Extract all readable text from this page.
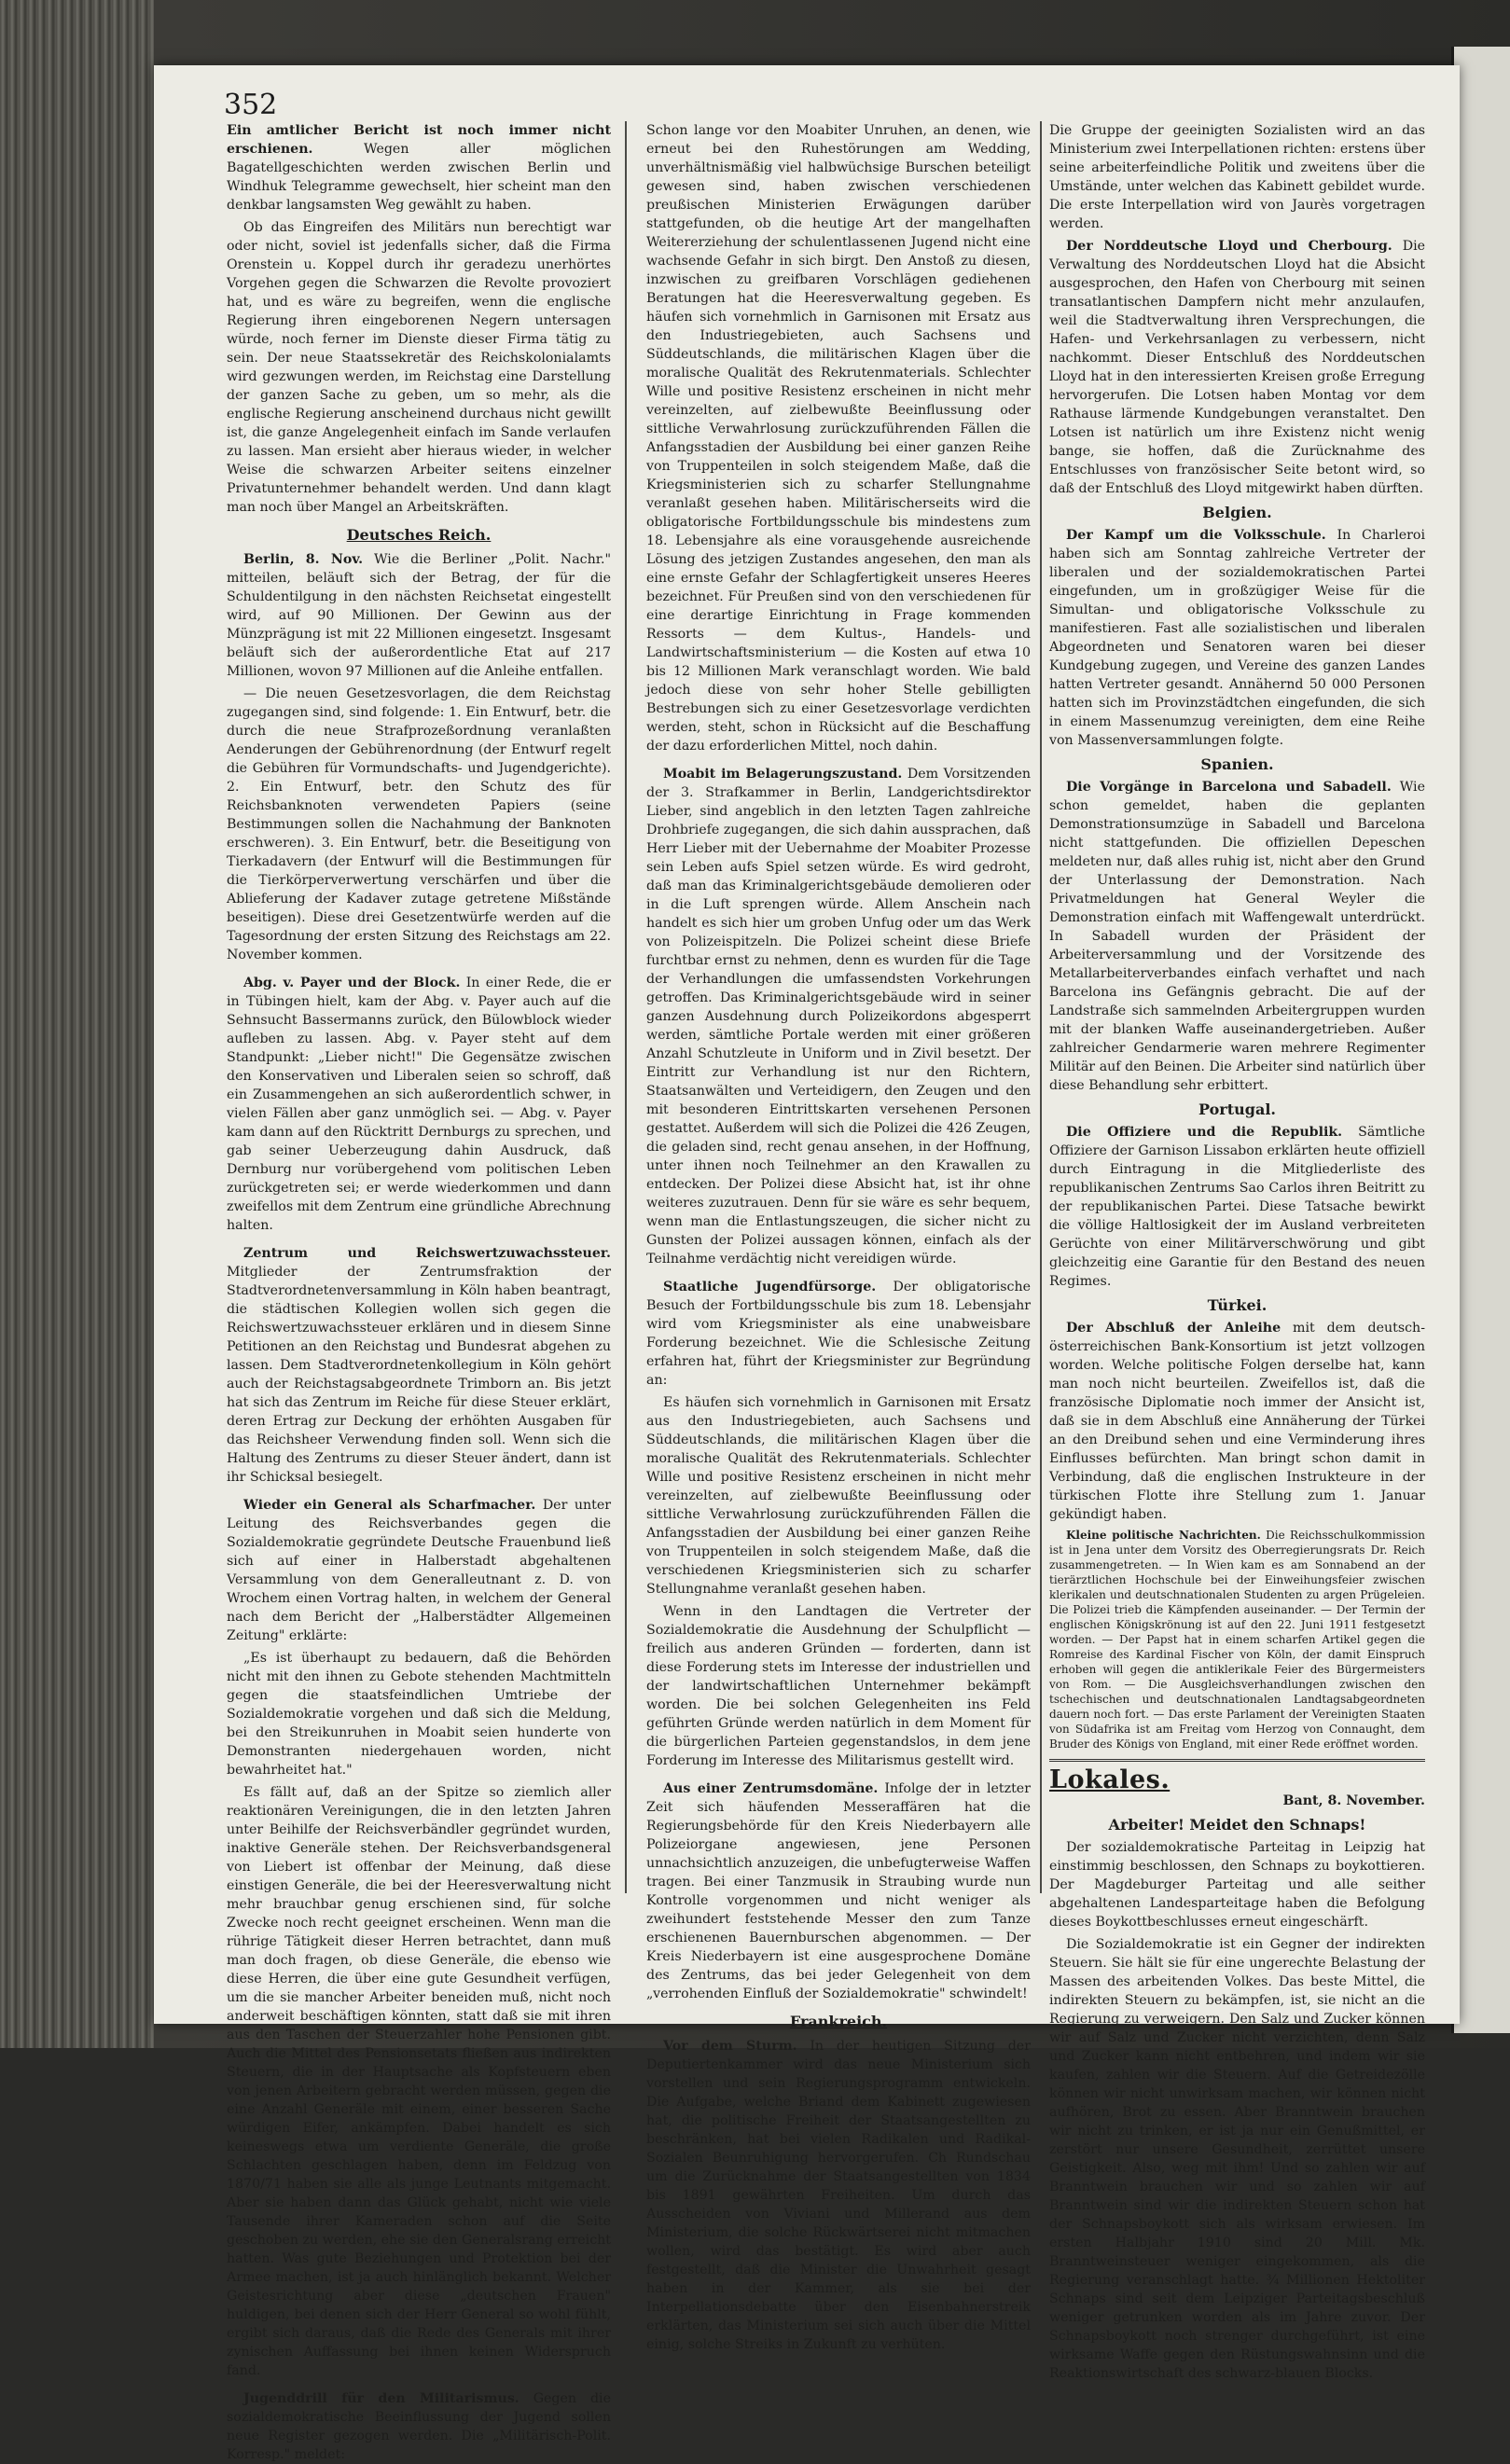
352

Ein amtlicher Bericht ist noch immer nicht erschienen.	Wegen aller möglichen Bagatellgeschichten werden zwischen Berlin und Windhuk Telegramme gewechselt, hier scheint man den denkbar langsamsten Weg gewählt zu haben.

Ob das Eingreifen des Militärs nun berechtigt war oder nicht, soviel ist jedenfalls sicher, daß die Firma Orenstein u. Koppel durch ihr geradezu unerhörtes Vorgehen gegen die Schwarzen die Revolte provoziert hat, und es wäre zu begreifen, wenn die englische Regierung ihren eingeborenen Negern untersagen würde, noch ferner im Dienste dieser Firma tätig zu sein. Der neue Staatssekretär des Reichskolonialamts wird gezwungen werden, im Reichstag eine Darstellung der ganzen Sache zu geben, um so mehr, als die englische Regierung anscheinend durchaus nicht gewillt ist, die ganze Angelegenheit einfach im Sande verlaufen zu lassen. Man ersieht aber hieraus wieder, in welcher Weise die schwarzen Arbeiter seitens einzelner Privatunternehmer behandelt werden. Und dann klagt man noch über Mangel an Arbeitskräften.

Deutsches Reich.

Berlin, 8. Nov. Wie die Berliner „Polit. Nachr." mitteilen, beläuft sich der Betrag, der für die Schuldentilgung in den nächsten Reichsetat eingestellt wird, auf 90 Millionen. Der Gewinn aus der Münzprägung ist mit 22 Millionen eingesetzt. Insgesamt beläuft sich der außerordentliche Etat auf 217 Millionen, wovon 97 Millionen auf die Anleihe entfallen.

— Die neuen Gesetzesvorlagen, die dem Reichstag zugegangen sind, sind folgende: 1. Ein Entwurf, betr. die durch die neue Strafprozeßordnung veranlaßten Aenderungen der Gebührenordnung (der Entwurf regelt die Gebühren für Vormundschafts- und Jugendgerichte). 2. Ein Entwurf, betr. den Schutz des für Reichsbanknoten verwendeten Papiers (seine Bestimmungen sollen die Nachahmung der Banknoten erschweren). 3. Ein Entwurf, betr. die Beseitigung von Tierkadavern (der Entwurf will die Bestimmungen für die Tierkörperverwertung verschärfen und über die Ablieferung der Kadaver zutage getretene Mißstände beseitigen). Diese drei Gesetzentwürfe werden auf die Tagesordnung der ersten Sitzung des Reichstags am 22. November kommen.

Abg. v. Payer und der Block. In einer Rede, die er in Tübingen hielt, kam der Abg. v. Payer auch auf die Sehnsucht Bassermanns zurück, den Bülowblock wieder aufleben zu lassen. Abg. v. Payer steht auf dem Standpunkt: „Lieber nicht!" Die Gegensätze zwischen den Konservativen und Liberalen seien so schroff, daß ein Zusammengehen an sich außerordentlich schwer, in vielen Fällen aber ganz unmöglich sei. — Abg. v. Payer kam dann auf den Rücktritt Dernburgs zu sprechen, und gab seiner Ueberzeugung dahin Ausdruck, daß Dernburg nur vorübergehend vom politischen Leben zurückgetreten sei; er werde wiederkommen und dann zweifellos mit dem Zentrum eine gründliche Abrechnung halten.

Zentrum und Reichswertzuwachssteuer. Mitglieder der Zentrumsfraktion der Stadtverordnetenversammlung in Köln haben beantragt, die städtischen Kollegien wollen sich gegen die Reichswertzuwachssteuer erklären und in diesem Sinne Petitionen an den Reichstag und Bundesrat abgehen zu lassen. Dem Stadtverordnetenkollegium in Köln gehört auch der Reichstagsabgeordnete Trimborn an. Bis jetzt hat sich das Zentrum im Reiche für diese Steuer erklärt, deren Ertrag zur Deckung der erhöhten Ausgaben für das Reichsheer Verwendung finden soll. Wenn sich die Haltung des Zentrums zu dieser Steuer ändert, dann ist ihr Schicksal besiegelt.

Wieder ein General als Scharfmacher. Der unter Leitung des Reichsverbandes gegen die Sozialdemokratie gegründete Deutsche Frauenbund ließ sich auf einer in Halberstadt abgehaltenen Versammlung von dem Generalleutnant z. D. von Wrochem einen Vortrag halten, in welchem der General nach dem Bericht der „Halberstädter Allgemeinen Zeitung" erklärte:

„Es ist überhaupt zu bedauern, daß die Behörden nicht mit den ihnen zu Gebote stehenden Machtmitteln gegen die staatsfeindlichen Umtriebe der Sozialdemokratie vorgehen und daß sich die Meldung, bei den Streikunruhen in Moabit seien hunderte von Demonstranten niedergehauen worden, nicht bewahrheitet hat."

Es fällt auf, daß an der Spitze so ziemlich aller reaktionären Vereinigungen, die in den letzten Jahren unter Beihilfe der Reichsverbändler gegründet wurden, inaktive Generäle stehen. Der Reichsverbandsgeneral von Liebert ist offenbar der Meinung, daß diese einstigen Generäle, die bei der Heeresverwaltung nicht mehr brauchbar genug erschienen sind, für solche Zwecke noch recht geeignet erscheinen. Wenn man die rührige Tätigkeit dieser Herren betrachtet, dann muß man doch fragen, ob diese Generäle, die ebenso wie diese Herren, die über eine gute Gesundheit verfügen, um die sie mancher Arbeiter beneiden muß, nicht noch anderweit beschäftigen könnten, statt daß sie mit ihren aus den Taschen der Steuerzahler hohe Pensionen gibt. Auch die Mittel des Pensionsetats fließen aus indirekten Steuern, die in der Hauptsache als Kopfsteuern eben von jenen Arbeitern gebracht werden müssen, gegen die eine Anzahl Generäle mit einem, einer besseren Sache würdigen Eifer, ankämpfen. Dabei handelt es sich keineswegs etwa um verdiente Generäle, die große Schlachten geschlagen haben, denn im Feldzug von 1870/71 haben sie alle als junge Leutnants mitgemacht. Aber sie haben dann das Glück gehabt, nicht wie viele Tausende ihrer Kameraden schon auf die Seite geschoben zu werden, ehe sie den Generalsrang erreicht hatten. Was gute Beziehungen und Protektion bei der Armee machen, ist ja auch hinlänglich bekannt. Welcher Geistesrichtung aber diese „deutschen Frauen" huldigen, bei denen sich der Herr General so wohl fühlt, ergibt sich daraus, daß die Rede des Generals mit ihrer zynischen Auffassung bei ihnen keinen Widerspruch fand.

Jugenddrill für den Militarismus. Gegen die sozialdemokratische Beeinflussung der Jugend sollen neue Register gezogen werden. Die „Militärisch-Polit. Korresp." meldet:

Schon lange vor den Moabiter Unruhen, an denen, wie erneut bei den Ruhestörungen am Wedding, unverhältnismäßig viel halbwüchsige Burschen beteiligt gewesen sind, haben zwischen verschiedenen preußischen Ministerien Erwägungen darüber stattgefunden, ob die heutige Art der mangelhaften Weitererziehung der schulentlassenen Jugend nicht eine wachsende Gefahr in sich birgt. Den Anstoß zu diesen, inzwischen zu greifbaren Vorschlägen gediehenen Beratungen hat die Heeresverwaltung gegeben. Es häufen sich vornehmlich in Garnisonen mit Ersatz aus den Industriegebieten, auch Sachsens und Süddeutschlands, die militärischen Klagen über die moralische Qualität des Rekrutenmaterials. Schlechter Wille und positive Resistenz erscheinen in nicht mehr vereinzelten, auf zielbewußte Beeinflussung oder sittliche Verwahrlosung zurückzuführenden Fällen die Anfangsstadien der Ausbildung bei einer ganzen Reihe von Truppenteilen in solch steigendem Maße, daß die Kriegsministerien sich zu scharfer Stellungnahme veranlaßt gesehen haben. Militärischerseits wird die obligatorische Fortbildungsschule bis mindestens zum 18. Lebensjahre als eine vorausgehende ausreichende Lösung des jetzigen Zustandes angesehen, den man als eine ernste Gefahr der Schlagfertigkeit unseres Heeres bezeichnet. Für Preußen sind von den verschiedenen für eine derartige Einrichtung in Frage kommenden Ressorts — dem Kultus-, Handels- und Landwirtschaftsministerium — die Kosten auf etwa 10 bis 12 Millionen Mark veranschlagt worden. Wie bald jedoch diese von sehr hoher Stelle gebilligten Bestrebungen sich zu einer Gesetzesvorlage verdichten werden, steht, schon in Rücksicht auf die Beschaffung der dazu erforderlichen Mittel, noch dahin.

Moabit im Belagerungszustand. Dem Vorsitzenden der 3. Strafkammer in Berlin, Landgerichtsdirektor Lieber, sind angeblich in den letzten Tagen zahlreiche Drohbriefe zugegangen, die sich dahin aussprachen, daß Herr Lieber mit der Uebernahme der Moabiter Prozesse sein Leben aufs Spiel setzen würde. Es wird gedroht, daß man das Kriminalgerichtsgebäude demolieren oder in die Luft sprengen würde. Allem Anschein nach handelt es sich hier um groben Unfug oder um das Werk von Polizeispitzeln. Die Polizei scheint diese Briefe furchtbar ernst zu nehmen, denn es wurden für die Tage der Verhandlungen die umfassendsten Vorkehrungen getroffen. Das Kriminalgerichtsgebäude wird in seiner ganzen Ausdehnung durch Polizeikordons abgesperrt werden, sämtliche Portale werden mit einer größeren Anzahl Schutzleute in Uniform und in Zivil besetzt. Der Eintritt zur Verhandlung ist nur den Richtern, Staatsanwälten und Verteidigern, den Zeugen und den mit besonderen Eintrittskarten versehenen Personen gestattet. Außerdem will sich die Polizei die 426 Zeugen, die geladen sind, recht genau ansehen, in der Hoffnung, unter ihnen noch Teilnehmer an den Krawallen zu entdecken. Der Polizei diese Absicht hat, ist ihr ohne weiteres zuzutrauen. Denn für sie wäre es sehr bequem, wenn man die Entlastungszeugen, die sicher nicht zu Gunsten der Polizei aussagen können, einfach als der Teilnahme verdächtig nicht vereidigen würde.

Staatliche Jugendfürsorge. Der obligatorische Besuch der Fortbildungsschule bis zum 18. Lebensjahr wird vom Kriegsminister als eine unabweisbare Forderung bezeichnet. Wie die Schlesische Zeitung erfahren hat, führt der Kriegsminister zur Begründung an:

Es häufen sich vornehmlich in Garnisonen mit Ersatz aus den Industriegebieten, auch Sachsens und Süddeutschlands, die militärischen Klagen über die moralische Qualität des Rekrutenmaterials. Schlechter Wille und positive Resistenz erscheinen in nicht mehr vereinzelten, auf zielbewußte Beeinflussung oder sittliche Verwahrlosung zurückzuführenden Fällen die Anfangsstadien der Ausbildung bei einer ganzen Reihe von Truppenteilen in solch steigendem Maße, daß die verschiedenen Kriegsministerien sich zu scharfer Stellungnahme veranlaßt gesehen haben.

Wenn in den Landtagen die Vertreter der Sozialdemokratie die Ausdehnung der Schulpflicht — freilich aus anderen Gründen — forderten, dann ist diese Forderung stets im Interesse der industriellen und der landwirtschaftlichen Unternehmer bekämpft worden. Die bei solchen Gelegenheiten ins Feld geführten Gründe werden natürlich in dem Moment für die bürgerlichen Parteien gegenstandslos, in dem jene Forderung im Interesse des Militarismus gestellt wird.

Aus einer Zentrumsdomäne. Infolge der in letzter Zeit sich häufenden Messeraffären hat die Regierungsbehörde für den Kreis Niederbayern alle Polizeiorgane angewiesen, jene Personen unnachsichtlich anzuzeigen, die unbefugterweise Waffen tragen. Bei einer Tanzmusik in Straubing wurde nun Kontrolle vorgenommen und nicht weniger als zweihundert feststehende Messer den zum Tanze erschienenen Bauernburschen abgenommen. — Der Kreis Niederbayern ist eine ausgesprochene Domäne des Zentrums, das bei jeder Gelegenheit von dem „verrohenden Einfluß der Sozialdemokratie" schwindelt!

Frankreich.

Vor dem Sturm. In der heutigen Sitzung der Deputiertenkammer wird das neue Ministerium sich vorstellen und sein Regierungsprogramm entwickeln. Die Aufgabe, welche Briand dem Kabinett zugewiesen hat, die politische Freiheit der Staatsangestellten zu beschränken, hat bei vielen Radikalen und Radikal-Sozialen Beunruhigung hervorgerufen. Ch Rundschau um die Zurücknahme der Staatsangestellten von 1834 bis 1891 gewährten Freiheiten. Um durch das Ausscheiden von Viviani und Millerand aus dem Ministerium, die solche Rückwärtserei nicht mitmachen wollen, wird das bestätigt. Es wird aber auch festgestellt, daß die Minister die Unwahrheit gesagt haben in der Kammer, als sie bei der Interpellationsdebatte über den Eisenbahnerstreik erklärten, das Ministerium sei sich auch über die Mittel einig, solche Streiks in Zukunft zu verhüten.

Die Gruppe der geeinigten Sozialisten wird an das Ministerium zwei Interpellationen richten: erstens über seine arbeiterfeindliche Politik und zweitens über die Umstände, unter welchen das Kabinett gebildet wurde. Die erste Interpellation wird von Jaurès vorgetragen werden.

Der Norddeutsche Lloyd und Cherbourg. Die Verwaltung des Norddeutschen Lloyd hat die Absicht ausgesprochen, den Hafen von Cherbourg mit seinen transatlantischen Dampfern nicht mehr anzulaufen, weil die Stadtverwaltung ihren Versprechungen, die Hafen- und Verkehrsanlagen zu verbessern, nicht nachkommt. Dieser Entschluß des Norddeutschen Lloyd hat in den interessierten Kreisen große Erregung hervorgerufen. Die Lotsen haben Montag vor dem Rathause lärmende Kundgebungen veranstaltet. Den Lotsen ist natürlich um ihre Existenz nicht wenig bange, sie hoffen, daß die Zurücknahme des Entschlusses von französischer Seite betont wird, so daß der Entschluß des Lloyd mitgewirkt haben dürften.

Belgien.

Der Kampf um die Volksschule. In Charleroi haben sich am Sonntag zahlreiche Vertreter der liberalen und der sozialdemokratischen Partei eingefunden, um in großzügiger Weise für die Simultan- und obligatorische Volksschule zu manifestieren. Fast alle sozialistischen und liberalen Abgeordneten und Senatoren waren bei dieser Kundgebung zugegen, und Vereine des ganzen Landes hatten Vertreter gesandt. Annähernd 50 000 Personen hatten sich im Provinzstädtchen eingefunden, die sich in einem Massenumzug vereinigten, dem eine Reihe von Massenversammlungen folgte.

Spanien.

Die Vorgänge in Barcelona und Sabadell. Wie schon gemeldet, haben die geplanten Demonstrationsumzüge in Sabadell und Barcelona nicht stattgefunden. Die offiziellen Depeschen meldeten nur, daß alles ruhig ist, nicht aber den Grund der Unterlassung der Demonstration. Nach Privatmeldungen hat General Weyler die Demonstration einfach mit Waffengewalt unterdrückt. In Sabadell wurden der Präsident der Arbeiterversammlung und der Vorsitzende des Metallarbeiterverbandes einfach verhaftet und nach Barcelona ins Gefängnis gebracht. Die auf der Landstraße sich sammelnden Arbeitergruppen wurden mit der blanken Waffe auseinandergetrieben. Außer zahlreicher Gendarmerie waren mehrere Regimenter Militär auf den Beinen. Die Arbeiter sind natürlich über diese Behandlung sehr erbittert.

Portugal.

Die Offiziere und die Republik. Sämtliche Offiziere der Garnison Lissabon erklärten heute offiziell durch Eintragung in die Mitgliederliste des republikanischen Zentrums Sao Carlos ihren Beitritt zu der republikanischen Partei. Diese Tatsache bewirkt die völlige Haltlosigkeit der im Ausland verbreiteten Gerüchte von einer Militärverschwörung und gibt gleichzeitig eine Garantie für den Bestand des neuen Regimes.

Türkei.

Der Abschluß der Anleihe mit dem deutsch-österreichischen Bank-Konsortium ist jetzt vollzogen worden. Welche politische Folgen derselbe hat, kann man noch nicht beurteilen. Zweifellos ist, daß die französische Diplomatie noch immer der Ansicht ist, daß sie in dem Abschluß eine Annäherung der Türkei an den Dreibund sehen und eine Verminderung ihres Einflusses befürchten. Man bringt schon damit in Verbindung, daß die englischen Instrukteure in der türkischen Flotte ihre Stellung zum 1. Januar gekündigt haben.

Kleine politische Nachrichten. Die Reichsschulkommission ist in Jena unter dem Vorsitz des Oberregierungsrats Dr. Reich zusammengetreten. — In Wien kam es am Sonnabend an der tierärztlichen Hochschule bei der Einweihungsfeier zwischen klerikalen und deutschnationalen Studenten zu argen Prügeleien. Die Polizei trieb die Kämpfenden auseinander. — Der Termin der englischen Königskrönung ist auf den 22. Juni 1911 festgesetzt worden. — Der Papst hat in einem scharfen Artikel gegen die Romreise des Kardinal Fischer von Köln, der damit Einspruch erhoben will gegen die antiklerikale Feier des Bürgermeisters von Rom. — Die Ausgleichsverhandlungen zwischen den tschechischen und deutschnationalen Landtagsabgeordneten dauern noch fort. — Das erste Parlament der Vereinigten Staaten von Südafrika ist am Freitag vom Herzog von Connaught, dem Bruder des Königs von England, mit einer Rede eröffnet worden.

Lokales.
Bant, 8. November.
Arbeiter! Meidet den Schnaps!

Der sozialdemokratische Parteitag in Leipzig hat einstimmig beschlossen, den Schnaps zu boykottieren. Der Magdeburger Parteitag und alle seither abgehaltenen Landesparteitage haben die Befolgung dieses Boykottbeschlusses erneut eingeschärft.

Die Sozialdemokratie ist ein Gegner der indirekten Steuern. Sie hält sie für eine ungerechte Belastung der Massen des arbeitenden Volkes. Das beste Mittel, die indirekten Steuern zu bekämpfen, ist, sie nicht an die Regierung zu verweigern. Den Salz und Zucker können wir auf Salz und Zucker nicht verzichten, denn Salz und Zucker kann nicht entbehren, und indem wir sie kaufen, zahlen wir die Steuern. Auf die Getreidezölle können wir nicht unwirksam machen, wir können nicht aufhören, Brot zu essen. Aber Branntwein brauchen wir nicht zu trinken, er ist ja nur ein Genußmittel, er zerstört nur unsere Gesundheit, zerrüttet unsere Geistigkeit. Also, weg mit ihm! Und so zahlen wir auf Branntwein brauchen wir und so zahlen wir auf Branntwein sind wir die indirekten Steuern schon hat der Schnapsboykott sich als wirksam erwiesen. Im ersten Halbjahr 1910 sind 20 Mill. Mk. Branntweinsteuer weniger eingekommen, als die Regierung veranschlagt hatte. ¾ Millionen Hektoliter Schnaps sind seit dem Leipziger Parteitagsbeschluß weniger getrunken worden als im Jahre zuvor. Der Schnapsboykott noch strenger durchgeführt, ist eine wirksame Waffe gegen den Rüstungswahnsinn und die Reaktionswirtschaft des schwarz-blauen Blocks.
